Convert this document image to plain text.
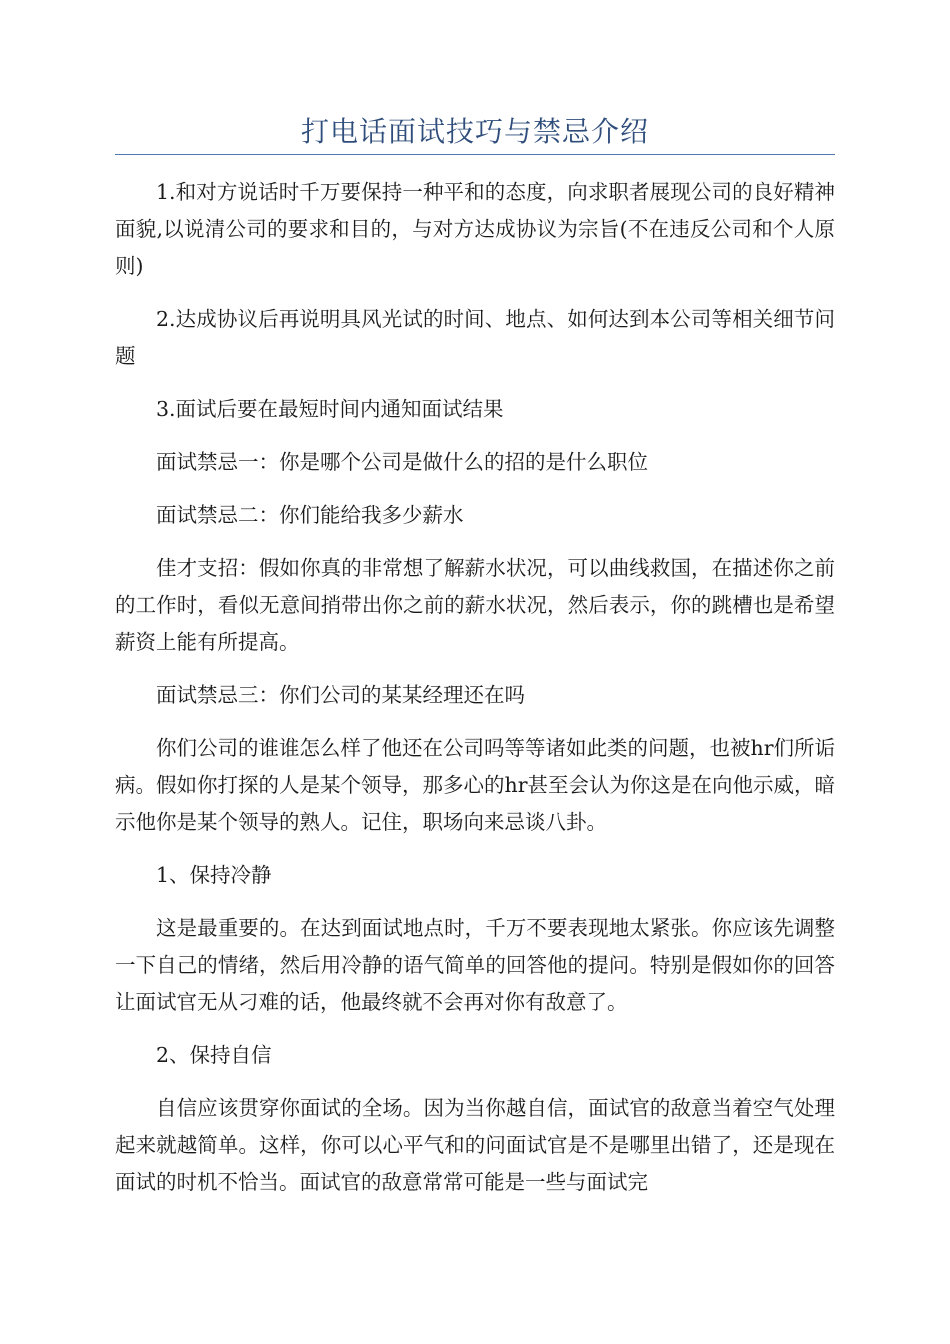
打电话面试技巧与禁忌介绍

1.和对方说话时千万要保持一种平和的态度，向求职者展现公司的良好精神面貌,以说清公司的要求和目的，与对方达成协议为宗旨(不在违反公司和个人原则)

2.达成协议后再说明具风光试的时间、地点、如何达到本公司等相关细节问题

3.面试后要在最短时间内通知面试结果

面试禁忌一：你是哪个公司是做什么的招的是什么职位

面试禁忌二：你们能给我多少薪水

佳才支招：假如你真的非常想了解薪水状况，可以曲线救国，在描述你之前的工作时，看似无意间捎带出你之前的薪水状况，然后表示，你的跳槽也是希望薪资上能有所提高。

面试禁忌三：你们公司的某某经理还在吗

你们公司的谁谁怎么样了他还在公司吗等等诸如此类的问题，也被hr们所诟病。假如你打探的人是某个领导，那多心的hr甚至会认为你这是在向他示威，暗示他你是某个领导的熟人。记住，职场向来忌谈八卦。

1、保持冷静

这是最重要的。在达到面试地点时，千万不要表现地太紧张。你应该先调整一下自己的情绪，然后用冷静的语气简单的回答他的提问。特别是假如你的回答让面试官无从刁难的话，他最终就不会再对你有敌意了。

2、保持自信

自信应该贯穿你面试的全场。因为当你越自信，面试官的敌意当着空气处理起来就越简单。这样，你可以心平气和的问面试官是不是哪里出错了，还是现在面试的时机不恰当。面试官的敌意常常可能是一些与面试完
